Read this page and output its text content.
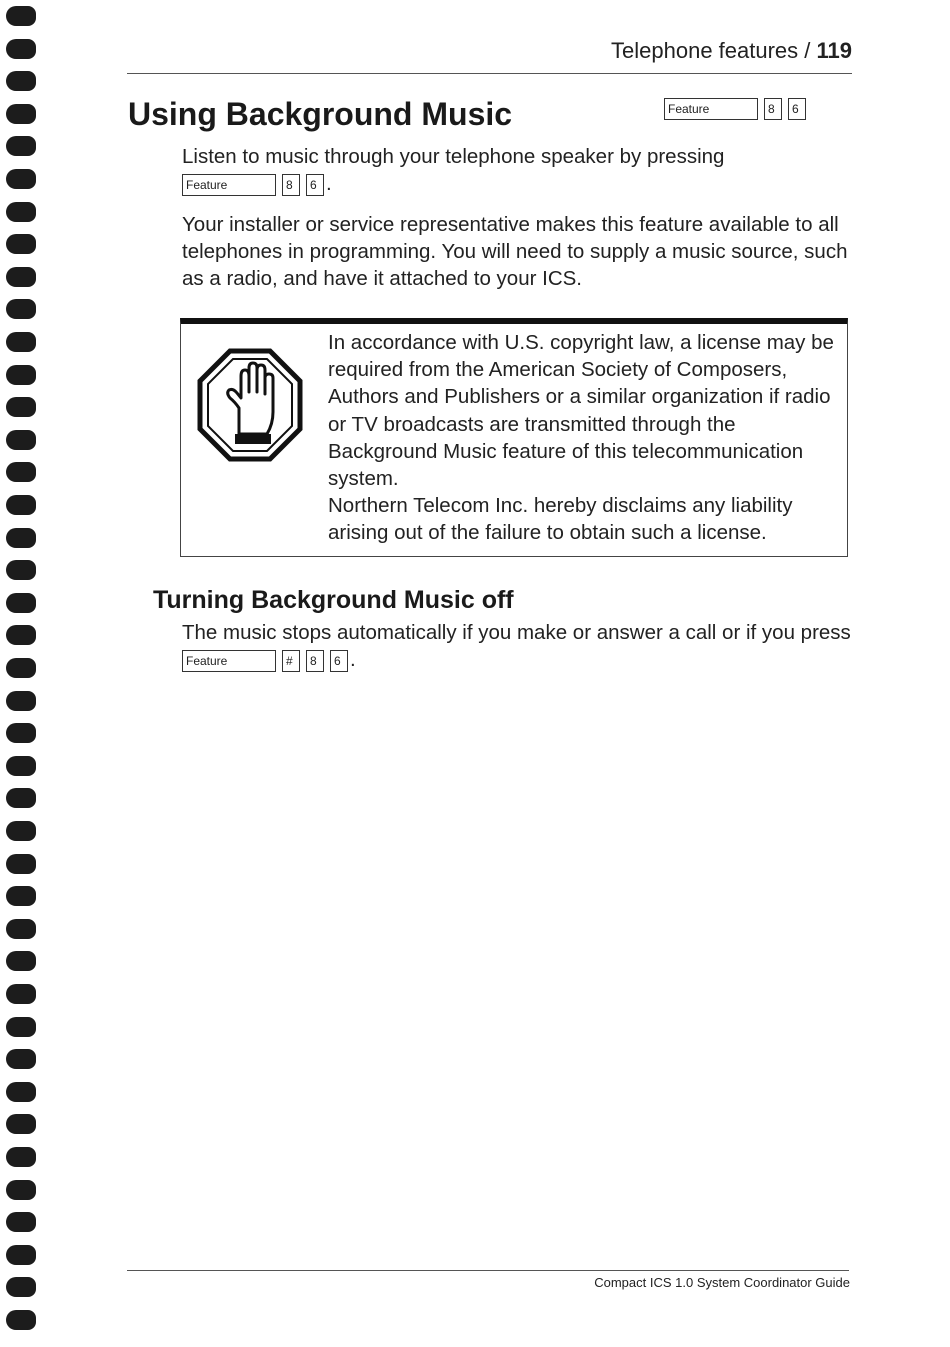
Telephone features / 119
Using Background Music	Feature	8 6
Listen to music through your telephone speaker by pressing
Feature	8 6 .
Your installer or service representative makes this feature available to all telephones in programming. You will need to supply a music source, such as a radio, and have it attached to your ICS.
In accordance with U.S. copyright law, a license may be required from the American Society of Composers, Authors and Publishers or a similar organization if radio or TV broadcasts are transmitted through the Background Music feature of this telecommunication system.
Northern Telecom Inc. hereby disclaims any liability arising out of the failure to obtain such a license.
Turning Background Music off
The music stops automatically if you make or answer a call or if you press Feature	# 8 6 .
Compact ICS 1.0 System Coordinator Guide
